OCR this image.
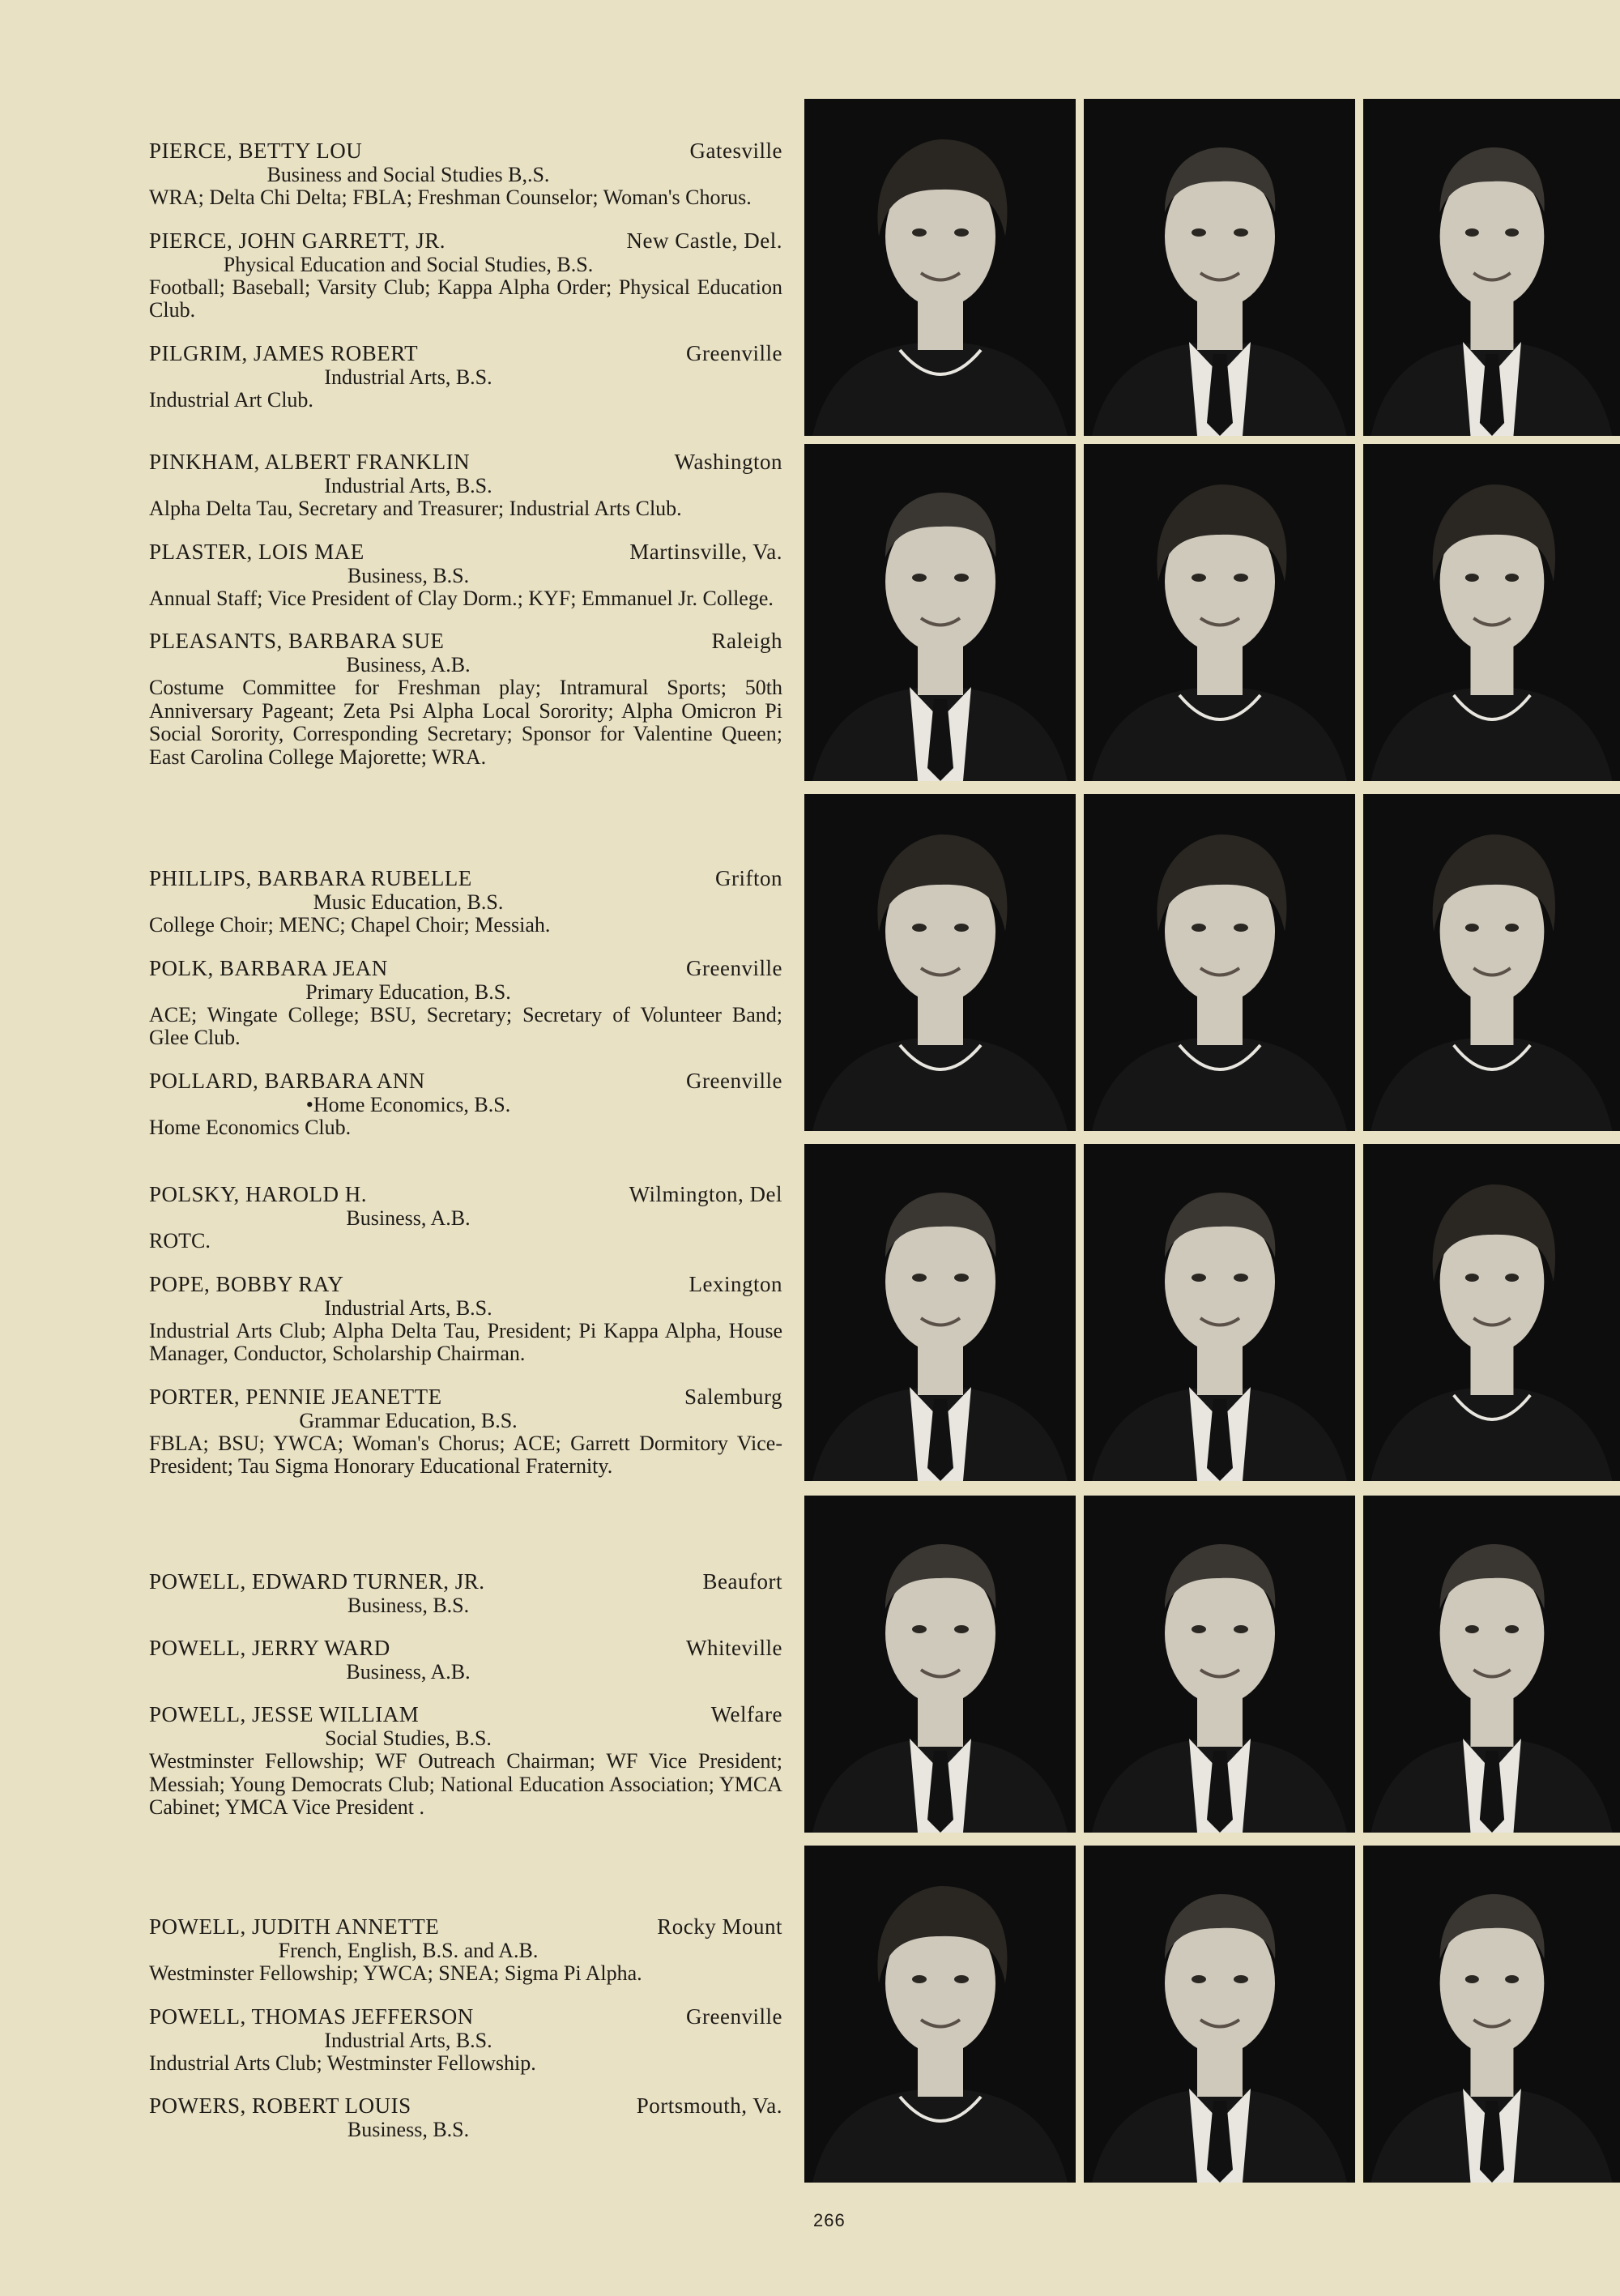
PIERCE, BETTY LOU	Gatesville
Business and Social Studies B,.S.
WRA; Delta Chi Delta; FBLA; Freshman Counselor; Woman's Chorus.
PIERCE, JOHN GARRETT, JR.	New Castle, Del.
Physical Education and Social Studies, B.S.
Football; Baseball; Varsity Club; Kappa Alpha Order; Physical Education Club.
PILGRIM, JAMES ROBERT	Greenville
Industrial Arts, B.S.
Industrial Art Club.
PINKHAM, ALBERT FRANKLIN	Washington
Industrial Arts, B.S.
Alpha Delta Tau, Secretary and Treasurer; Industrial Arts Club.
PLASTER, LOIS MAE	Martinsville, Va.
Business, B.S.
Annual Staff; Vice President of Clay Dorm.; KYF; Emmanuel Jr. College.
PLEASANTS, BARBARA SUE	Raleigh
Business, A.B.
Costume Committee for Freshman play; Intramural Sports; 50th Anniversary Pageant; Zeta Psi Alpha Local Sorority; Alpha Omicron Pi Social Sorority, Corresponding Secretary; Sponsor for Valentine Queen; East Carolina College Majorette; WRA.
PHILLIPS, BARBARA RUBELLE	Grifton
Music Education, B.S.
College Choir; MENC; Chapel Choir; Messiah.
POLK, BARBARA JEAN	Greenville
Primary Education, B.S.
ACE; Wingate College; BSU, Secretary; Secretary of Volunteer Band; Glee Club.
POLLARD, BARBARA ANN	Greenville
•Home Economics, B.S.
Home Economics Club.
POLSKY, HAROLD H.	Wilmington, Del
Business, A.B.
ROTC.
POPE, BOBBY RAY	Lexington
Industrial Arts, B.S.
Industrial Arts Club; Alpha Delta Tau, President; Pi Kappa Alpha, House Manager, Conductor, Scholarship Chairman.
PORTER, PENNIE JEANETTE	Salemburg
Grammar Education, B.S.
FBLA; BSU; YWCA; Woman's Chorus; ACE; Garrett Dormitory Vice-President; Tau Sigma Honorary Educational Fraternity.
POWELL, EDWARD TURNER, JR.	Beaufort
Business, B.S.
POWELL, JERRY WARD	Whiteville
Business, A.B.
POWELL, JESSE WILLIAM	Welfare
Social Studies, B.S.
Westminster Fellowship; WF Outreach Chairman; WF Vice President; Messiah; Young Democrats Club; National Education Association; YMCA Cabinet; YMCA Vice President .
POWELL, JUDITH ANNETTE	Rocky Mount
French, English, B.S. and A.B.
Westminster Fellowship; YWCA; SNEA; Sigma Pi Alpha.
POWELL, THOMAS JEFFERSON	Greenville
Industrial Arts, B.S.
Industrial Arts Club; Westminster Fellowship.
POWERS, ROBERT LOUIS	Portsmouth, Va.
Business, B.S.
266
